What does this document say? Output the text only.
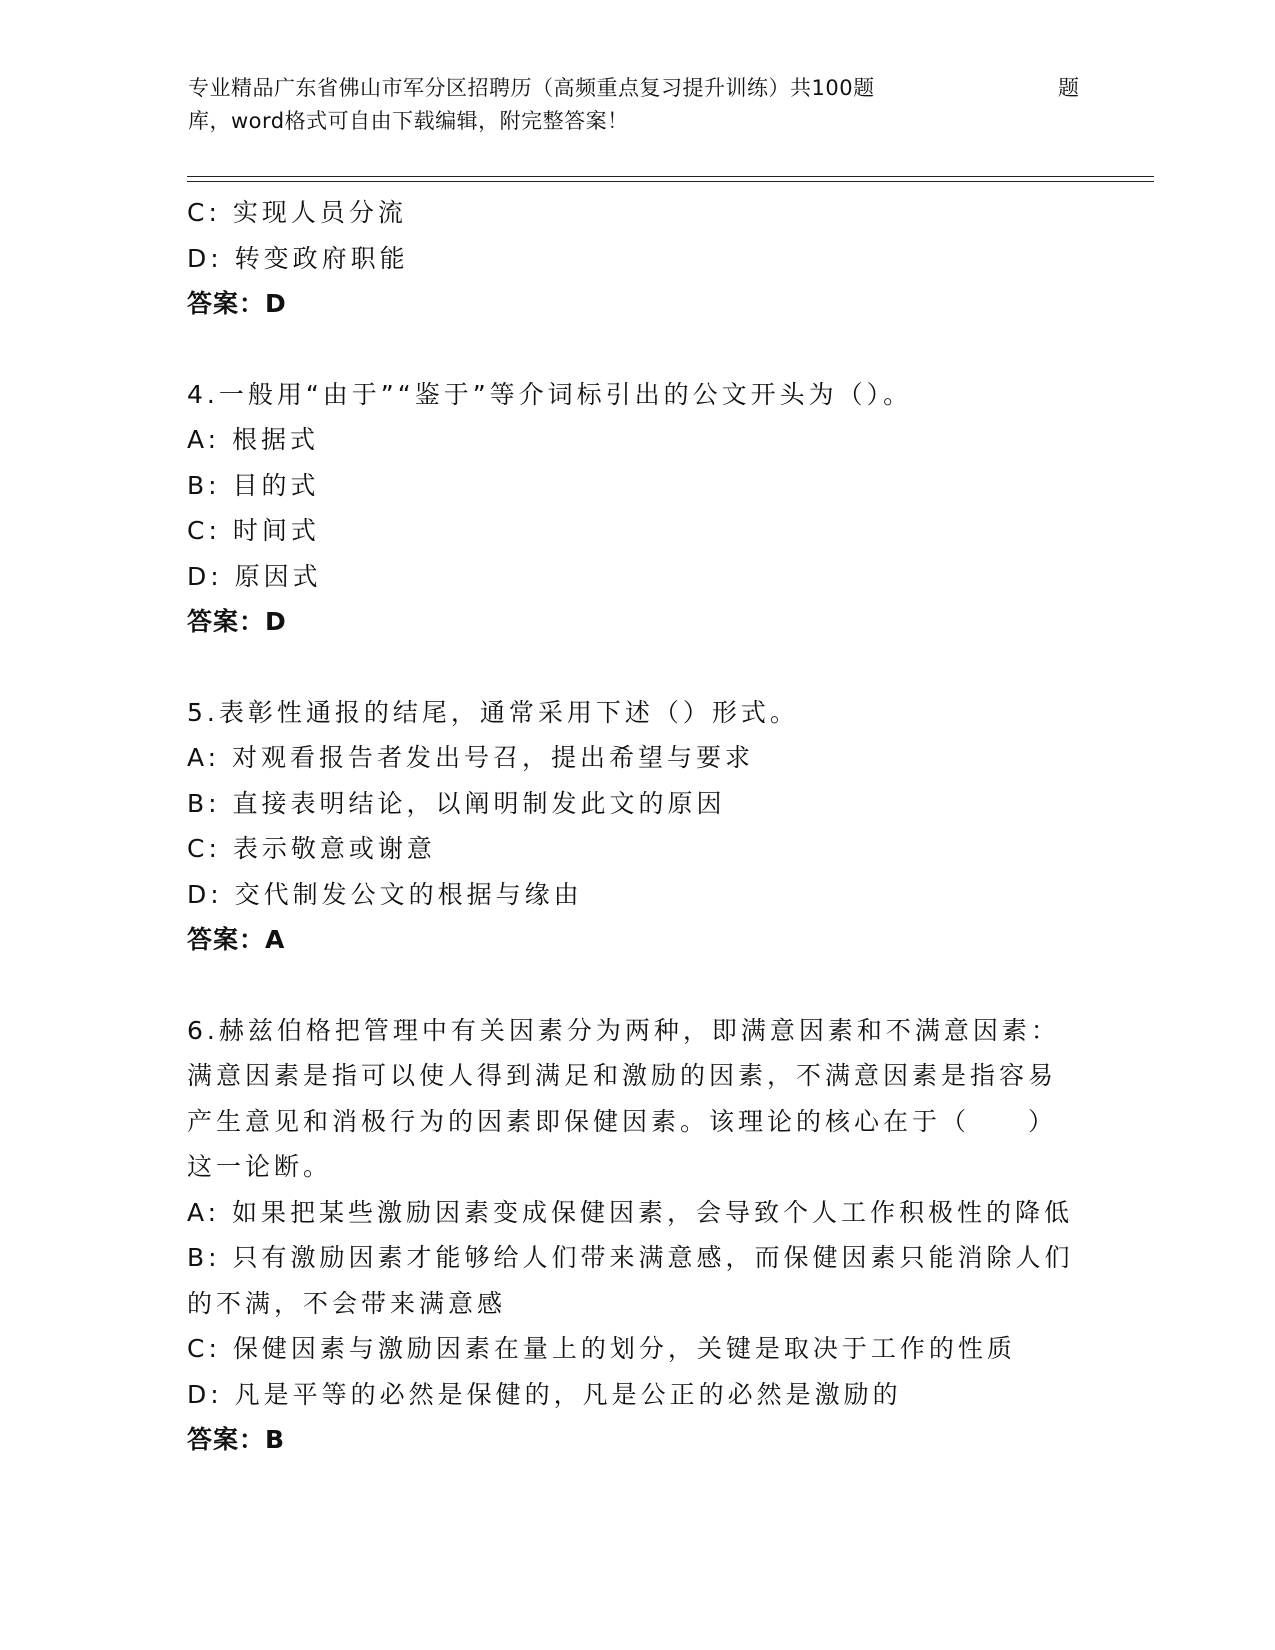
专业精品广东省佛山市军分区招聘历（高频重点复习提升训练）共100题	题
库，word格式可自由下载编辑，附完整答案！
C: 实现人员分流
D: 转变政府职能
答案：D
4.一般用“由于”“鉴于”等介词标引出的公文开头为（）。
A: 根据式
B: 目的式
C: 时间式
D: 原因式
答案：D
5.表彰性通报的结尾，通常采用下述（）形式。
A: 对观看报告者发出号召，提出希望与要求
B: 直接表明结论，以阐明制发此文的原因
C: 表示敬意或谢意
D: 交代制发公文的根据与缘由
答案：A
6.赫兹伯格把管理中有关因素分为两种，即满意因素和不满意因素：
满意因素是指可以使人得到满足和激励的因素，不满意因素是指容易
产生意见和消极行为的因素即保健因素。该理论的核心在于（　　）
这一论断。
A: 如果把某些激励因素变成保健因素，会导致个人工作积极性的降低
B: 只有激励因素才能够给人们带来满意感，而保健因素只能消除人们
的不满，不会带来满意感
C: 保健因素与激励因素在量上的划分，关键是取决于工作的性质
D: 凡是平等的必然是保健的，凡是公正的必然是激励的
答案：B
